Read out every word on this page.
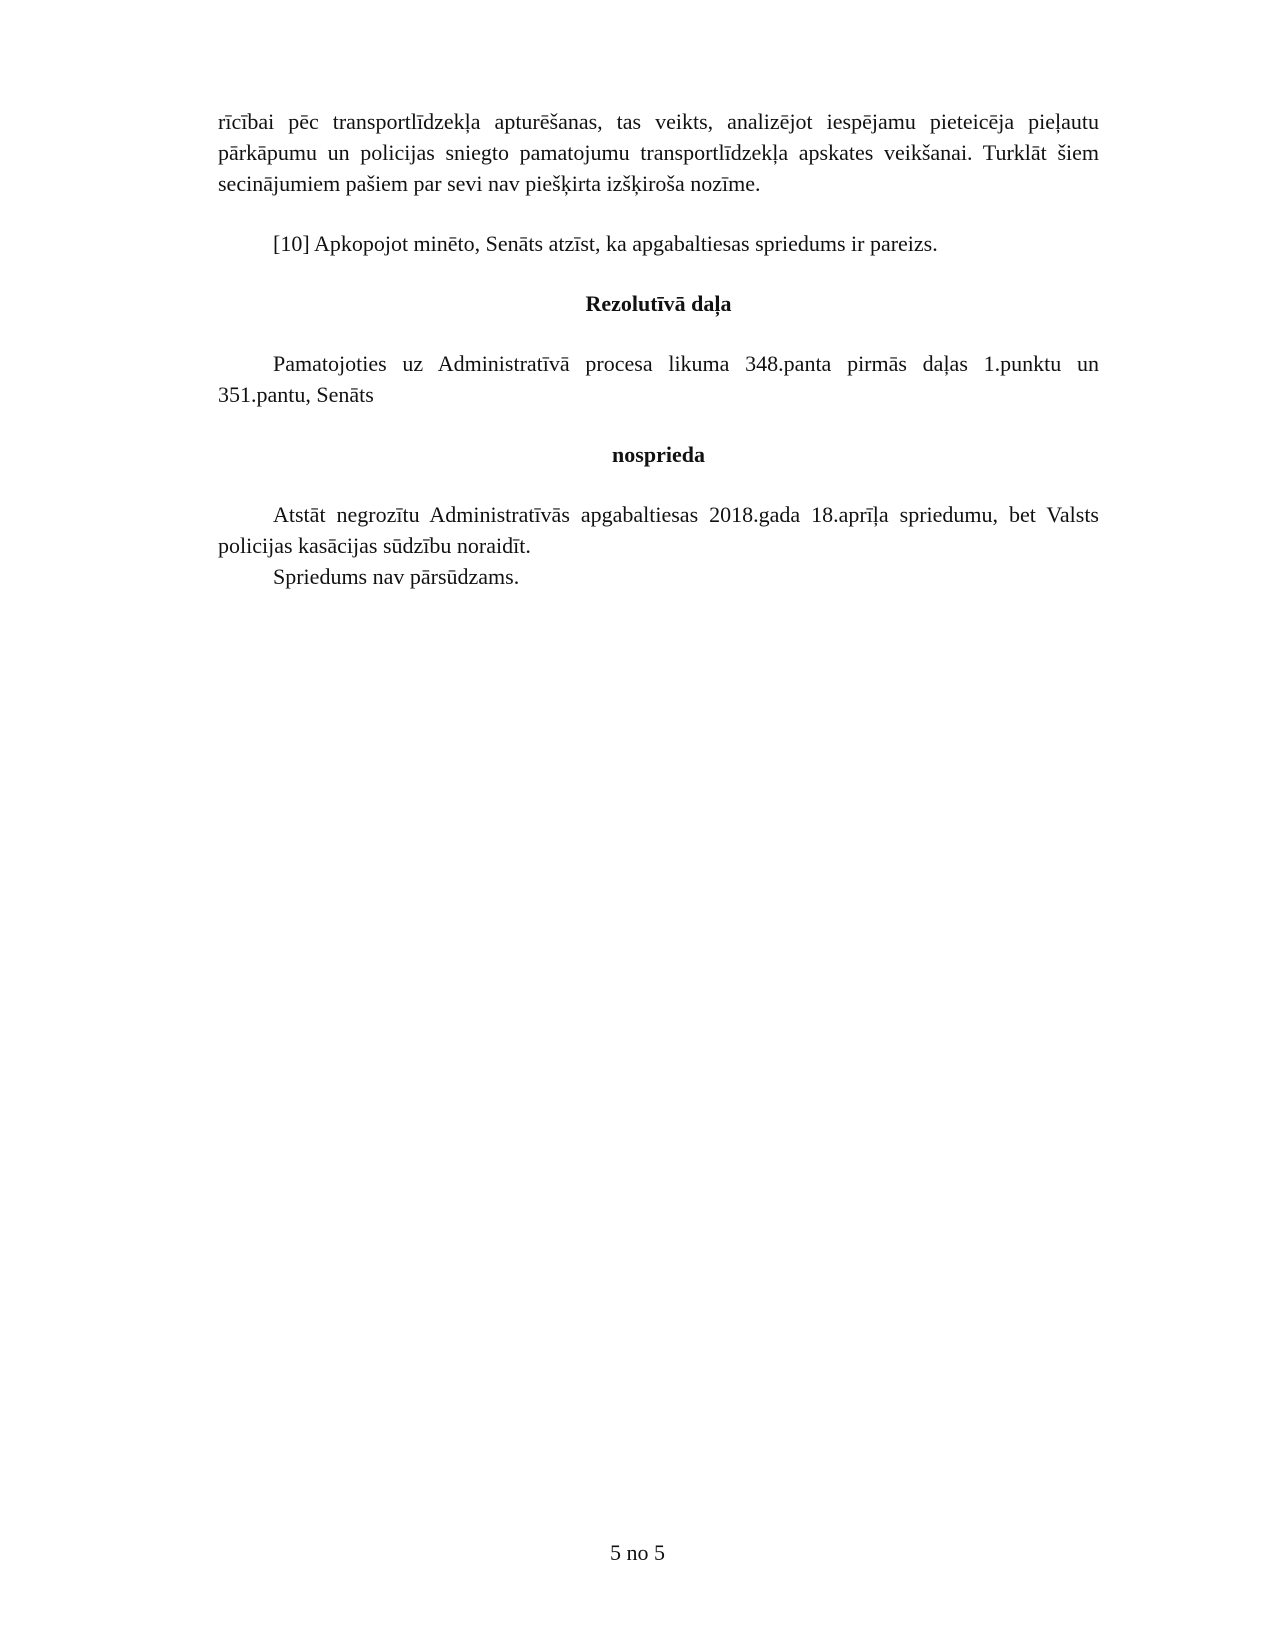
rīcībai pēc transportlīdzekļa apturēšanas, tas veikts, analizējot iespējamu pieteicēja pieļautu pārkāpumu un policijas sniegto pamatojumu transportlīdzekļa apskates veikšanai. Turklāt šiem secinājumiem pašiem par sevi nav piešķirta izšķiroša nozīme.

[10] Apkopojot minēto, Senāts atzīst, ka apgabaltiesas spriedums ir pareizs.

Rezolutīvā daļa

Pamatojoties uz Administratīvā procesa likuma 348.panta pirmās daļas 1.punktu un 351.pantu, Senāts

nosprieda

Atstāt negrozītu Administratīvās apgabaltiesas 2018.gada 18.aprīļa spriedumu, bet Valsts policijas kasācijas sūdzību noraidīt.

Spriedums nav pārsūdzams.

5 no 5
